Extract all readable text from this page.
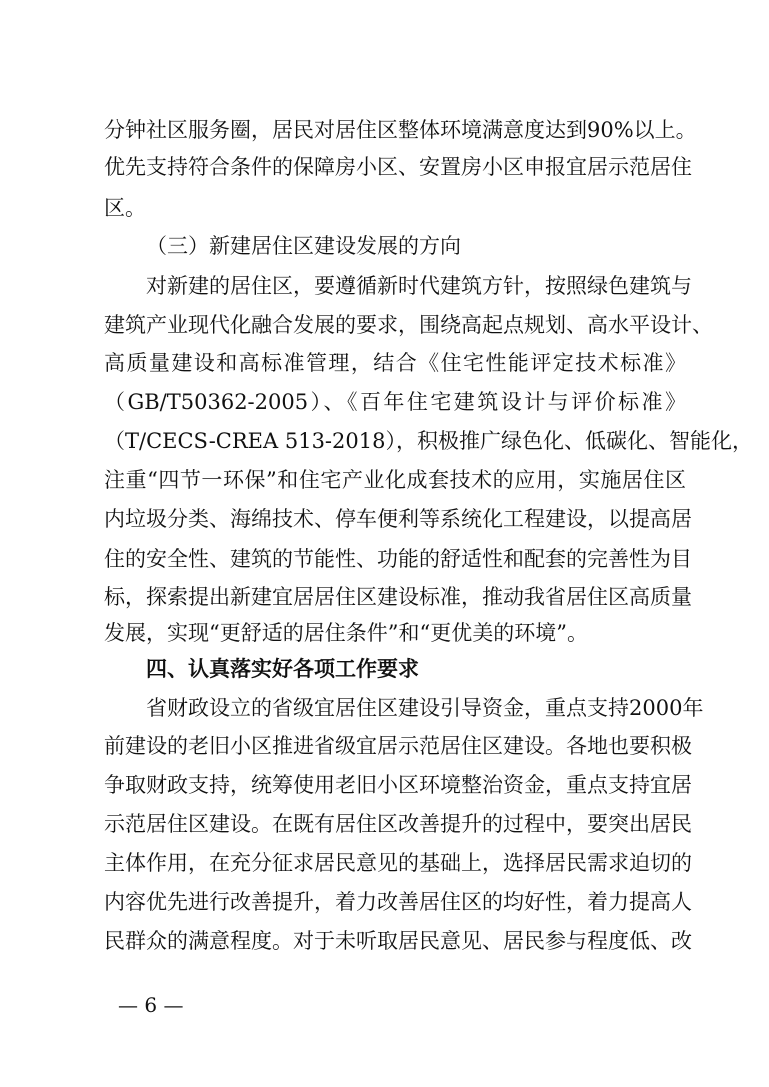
分钟社区服务圈，居民对居住区整体环境满意度达到90%以上。
优先支持符合条件的保障房小区、安置房小区申报宜居示范居住
区。
（三）新建居住区建设发展的方向
对新建的居住区，要遵循新时代建筑方针，按照绿色建筑与
建筑产业现代化融合发展的要求，围绕高起点规划、高水平设计、
高质量建设和高标准管理，结合《住宅性能评定技术标准》
（GB/T50362-2005）、《百年住宅建筑设计与评价标准》
（T/CECS-CREA 513-2018），积极推广绿色化、低碳化、智能化，
注重“四节一环保”和住宅产业化成套技术的应用，实施居住区
内垃圾分类、海绵技术、停车便利等系统化工程建设，以提高居
住的安全性、建筑的节能性、功能的舒适性和配套的完善性为目
标，探索提出新建宜居居住区建设标准，推动我省居住区高质量
发展，实现“更舒适的居住条件”和“更优美的环境”。
四、认真落实好各项工作要求
省财政设立的省级宜居住区建设引导资金，重点支持2000年
前建设的老旧小区推进省级宜居示范居住区建设。各地也要积极
争取财政支持，统筹使用老旧小区环境整治资金，重点支持宜居
示范居住区建设。在既有居住区改善提升的过程中，要突出居民
主体作用，在充分征求居民意见的基础上，选择居民需求迫切的
内容优先进行改善提升，着力改善居住区的均好性，着力提高人
民群众的满意程度。对于未听取居民意见、居民参与程度低、改
— 6 —
